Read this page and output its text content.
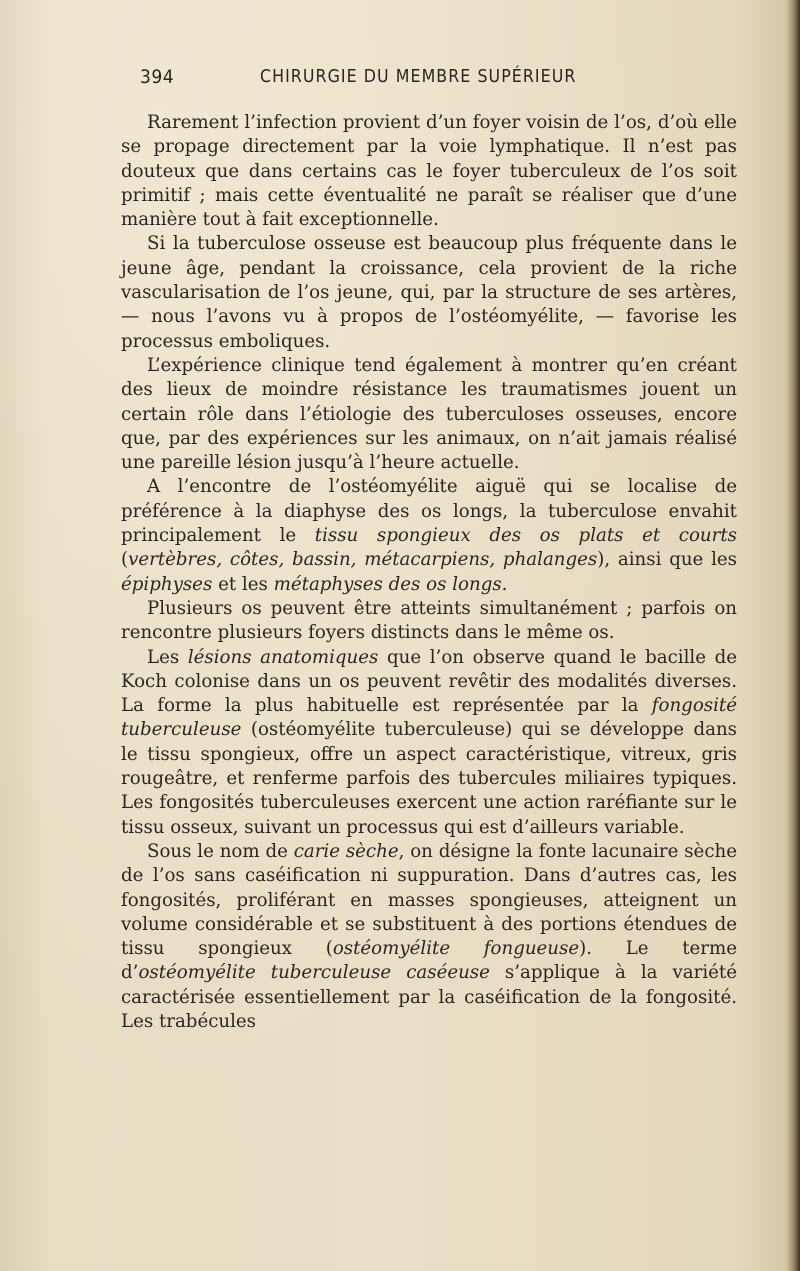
394	CHIRURGIE DU MEMBRE SUPÉRIEUR

Rarement l’infection provient d’un foyer voisin de l’os, d’où elle se propage directement par la voie lymphatique. Il n’est pas douteux que dans certains cas le foyer tuberculeux de l’os soit primitif ; mais cette éventualité ne paraît se réaliser que d’une manière tout à fait exceptionnelle.

Si la tuberculose osseuse est beaucoup plus fréquente dans le jeune âge, pendant la croissance, cela provient de la riche vascularisation de l’os jeune, qui, par la structure de ses artères, — nous l’avons vu à propos de l’ostéomyélite, — favorise les processus emboliques.

L’expérience clinique tend également à montrer qu’en créant des lieux de moindre résistance les traumatismes jouent un certain rôle dans l’étiologie des tuberculoses osseuses, encore que, par des expériences sur les animaux, on n’ait jamais réalisé une pareille lésion jusqu’à l’heure actuelle.

A l’encontre de l’ostéomyélite aiguë qui se localise de préférence à la diaphyse des os longs, la tuberculose envahit principalement le tissu spongieux des os plats et courts (vertèbres, côtes, bassin, métacarpiens, phalanges), ainsi que les épiphyses et les métaphyses des os longs.

Plusieurs os peuvent être atteints simultanément ; parfois on rencontre plusieurs foyers distincts dans le même os.

Les lésions anatomiques que l’on observe quand le bacille de Koch colonise dans un os peuvent revêtir des modalités diverses. La forme la plus habituelle est représentée par la fongosité tuberculeuse (ostéomyélite tuberculeuse) qui se développe dans le tissu spongieux, offre un aspect caractéristique, vitreux, gris rougeâtre, et renferme parfois des tubercules miliaires typiques. Les fongosités tuberculeuses exercent une action raréfiante sur le tissu osseux, suivant un processus qui est d’ailleurs variable.

Sous le nom de carie sèche, on désigne la fonte lacunaire sèche de l’os sans caséification ni suppuration. Dans d’autres cas, les fongosités, proliférant en masses spongieuses, atteignent un volume considérable et se substituent à des portions étendues de tissu spongieux (ostéomyélite fongueuse). Le terme d’ostéomyélite tuberculeuse caséeuse s’applique à la variété caractérisée essentiellement par la caséification de la fongosité. Les trabécules
